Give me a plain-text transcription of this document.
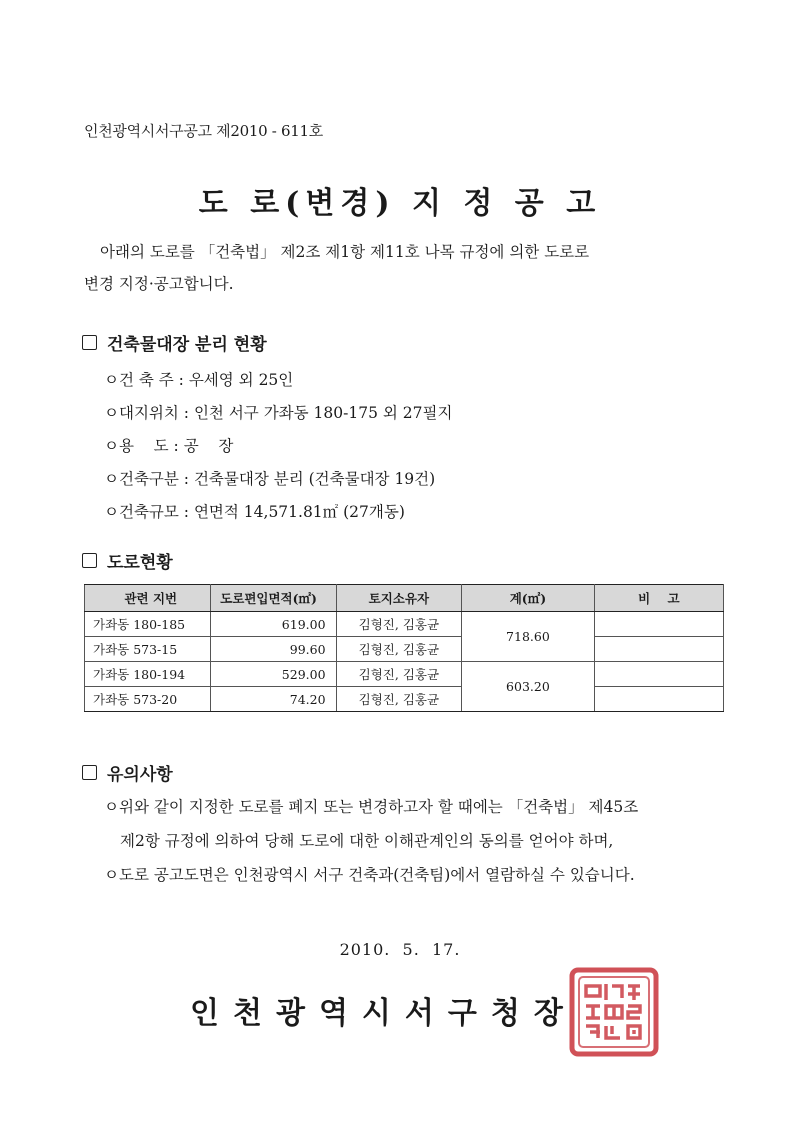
인천광역시서구공고 제2010 - 611호
도 로(변경) 지 정 공 고
아래의 도로를 「건축법」 제2조 제1항 제11호 나목 규정에 의한 도로로
변경 지정·공고합니다.
건축물대장 분리 현황
ㅇ건 축 주 : 우세영 외 25인
ㅇ대지위치 : 인천 서구 가좌동 180-175 외 27필지
ㅇ용    도 : 공    장
ㅇ건축구분 : 건축물대장 분리 (건축물대장 19건)
ㅇ건축규모 : 연면적 14,571.81㎡ (27개동)
도로현황
관련 지번	도로편입면적(㎡)	토지소유자	계(㎡)	비    고
가좌동 180-185	619.00	김형진, 김홍균	718.60	
가좌동 573-15	99.60	김형진, 김홍균		
가좌동 180-194	529.00	김형진, 김홍균	603.20	
가좌동 573-20	74.20	김형진, 김홍균		
유의사항
ㅇ위와 같이 지정한 도로를 폐지 또는 변경하고자 할 때에는 「건축법」 제45조
제2항 규정에 의하여 당해 도로에 대한 이해관계인의 동의를 얻어야 하며,
ㅇ도로 공고도면은 인천광역시 서구 건축과(건축팀)에서 열람하실 수 있습니다.
2010.  5.  17.
인천광역시서구청장
